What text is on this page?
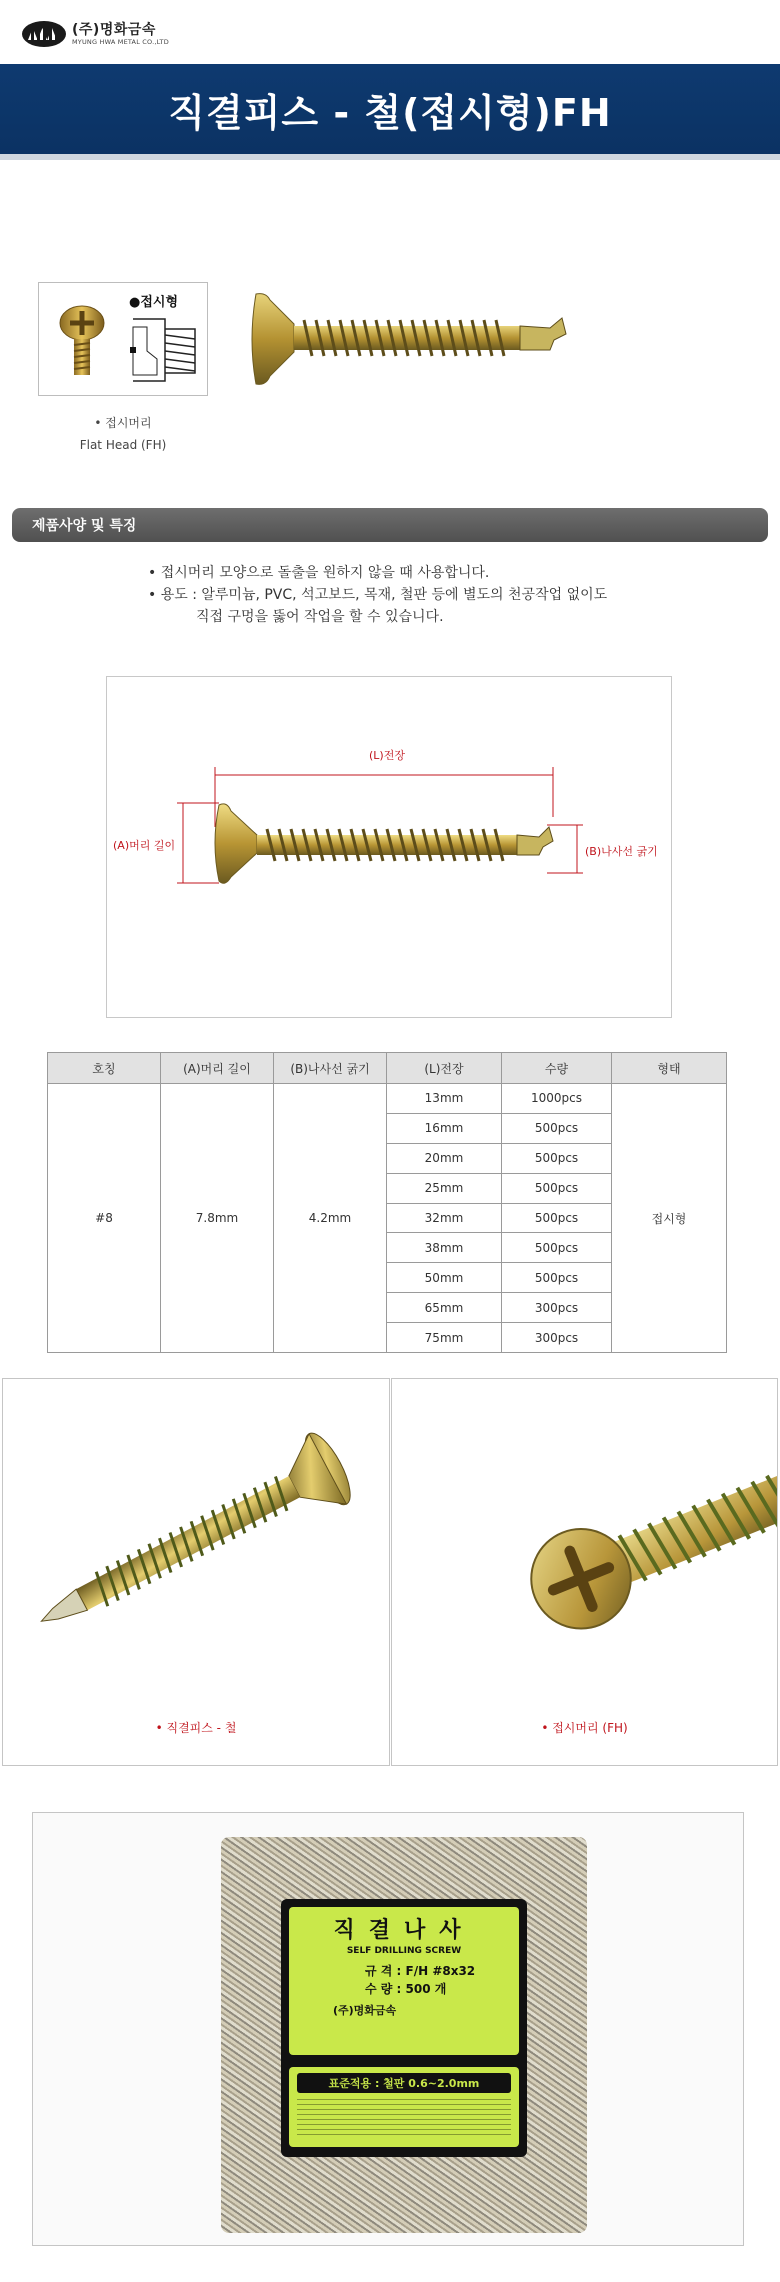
(주)명화금속
MYUNG HWA METAL CO.,LTD
직결피스 - 철(접시형)FH
●접시형
• 접시머리
Flat Head (FH)
제품사양 및 특징
• 접시머리 모양으로 돌출을 원하지 않을 때 사용합니다.
• 용도 : 알루미늄, PVC, 석고보드, 목재, 철판 등에 별도의 천공작업 없이도
직접 구멍을 뚫어 작업을 할 수 있습니다.
(L)전장
(A)머리 길이	(B)나사선 굵기
호칭	(A)머리 길이	(B)나사선 굵기	(L)전장	수량	형태
#8	7.8mm	4.2mm	13mm	1000pcs	접시형
			16mm	500pcs	
			20mm	500pcs	
			25mm	500pcs	
			32mm	500pcs	
			38mm	500pcs	
			50mm	500pcs	
			65mm	300pcs	
			75mm	300pcs	
• 직결피스 - 철	• 접시머리 (FH)
직결나사
SELF DRILLING SCREW
규 격 : F/H #8x32
수 량 : 500 개
(주)명화금속
표준적용 : 철판 0.6~2.0mm
